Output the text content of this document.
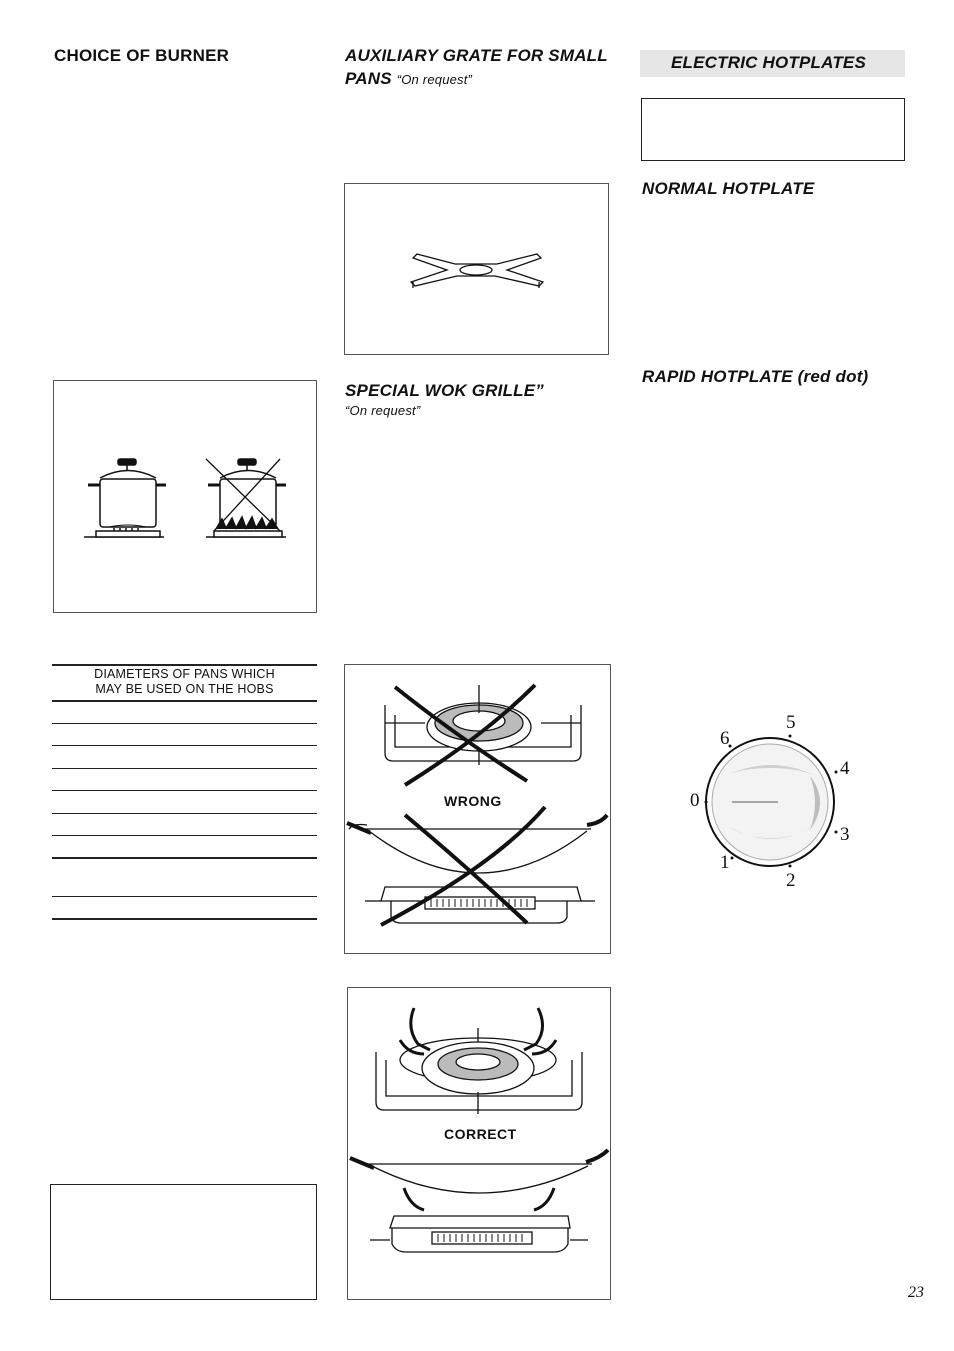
CHOICE OF BURNER
DIAMETERS OF PANS WHICH
MAY BE USED ON THE HOBS
AUXILIARY GRATE FOR SMALL
PANS “On request”
SPECIAL WOK GRILLE”
“On request”
WRONG
CORRECT
ELECTRIC HOTPLATES
NORMAL HOTPLATE
RAPID HOTPLATE (red dot)
0
1
2
3
4
5
6
23
